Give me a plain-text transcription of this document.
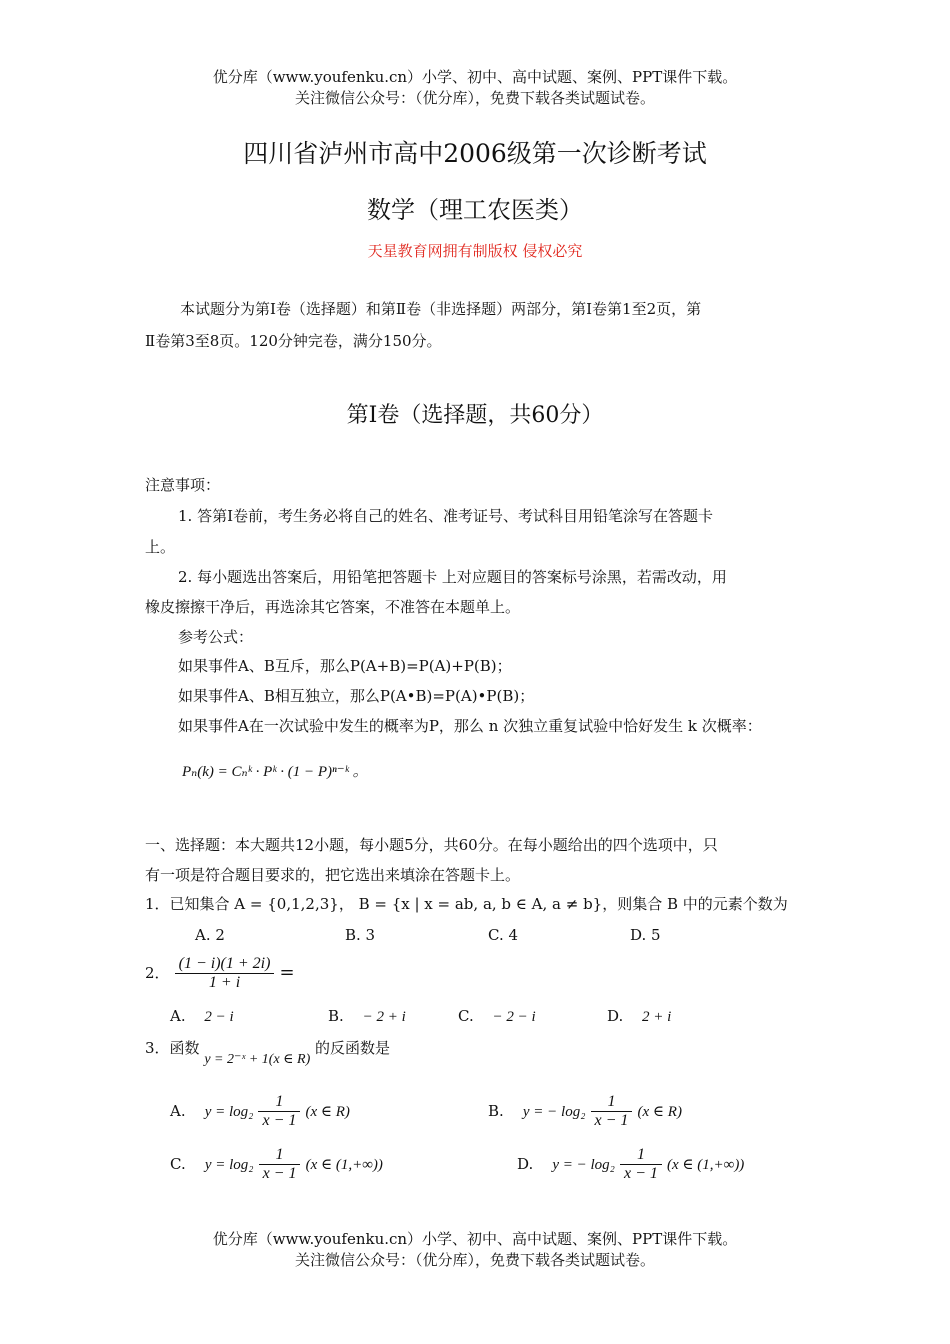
优分库（www.youfenku.cn）小学、初中、高中试题、案例、PPT课件下载。
关注微信公众号：（优分库），免费下载各类试题试卷。
四川省泸州市高中2006级第一次诊断考试
数学（理工农医类）
天星教育网拥有制版权 侵权必究
本试题分为第Ⅰ卷（选择题）和第Ⅱ卷（非选择题）两部分，第Ⅰ卷第1至2页，第
Ⅱ卷第3至8页。120分钟完卷，满分150分。
第Ⅰ卷（选择题，共60分）
注意事项：
1. 答第Ⅰ卷前，考生务必将自己的姓名、准考证号、考试科目用铅笔涂写在答题卡
上。
2. 每小题选出答案后，用铅笔把答题卡 上对应题目的答案标号涂黑，若需改动，用
橡皮擦擦干净后，再选涂其它答案，不准答在本题单上。
参考公式：
如果事件A、B互斥，那么P(A+B)=P(A)+P(B)；
如果事件A、B相互独立，那么P(A•B)=P(A)•P(B)；
如果事件A在一次试验中发生的概率为P，那么 n 次独立重复试验中恰好发生 k 次概率：
Pₙ(k) = Cₙᵏ · Pᵏ · (1 − P)ⁿ⁻ᵏ 。
一、选择题：本大题共12小题，每小题5分，共60分。在每小题给出的四个选项中，只
有一项是符合题目要求的，把它选出来填涂在答题卡上。
1．已知集合 A = {0,1,2,3}， B = {x | x = ab, a, b ∈ A, a ≠ b}，则集合 B 中的元素个数为
A. 2	B. 3	C. 4	D. 5
2． $\frac{(1 - i)(1 + 2i)}{1 + i}$ =
A. 2 − i	B. − 2 + i	C. − 2 − i	D. 2 + i
3．函数 y = 2⁻ˣ + 1(x ∈ R) 的反函数是
A. $y = \log_2 \frac{1}{x - 1} (x$ ∈ R)	B. y = − $\log_2 \frac{1}{x - 1} (x$ ∈ R)
C. $y = \log_2 \frac{1}{x - 1} (x$ ∈ (1,+∞))	D. y = − $\log_2 \frac{1}{x - 1} (x$ ∈ (1,+∞))
优分库（www.youfenku.cn）小学、初中、高中试题、案例、PPT课件下载。
关注微信公众号：（优分库），免费下载各类试题试卷。
